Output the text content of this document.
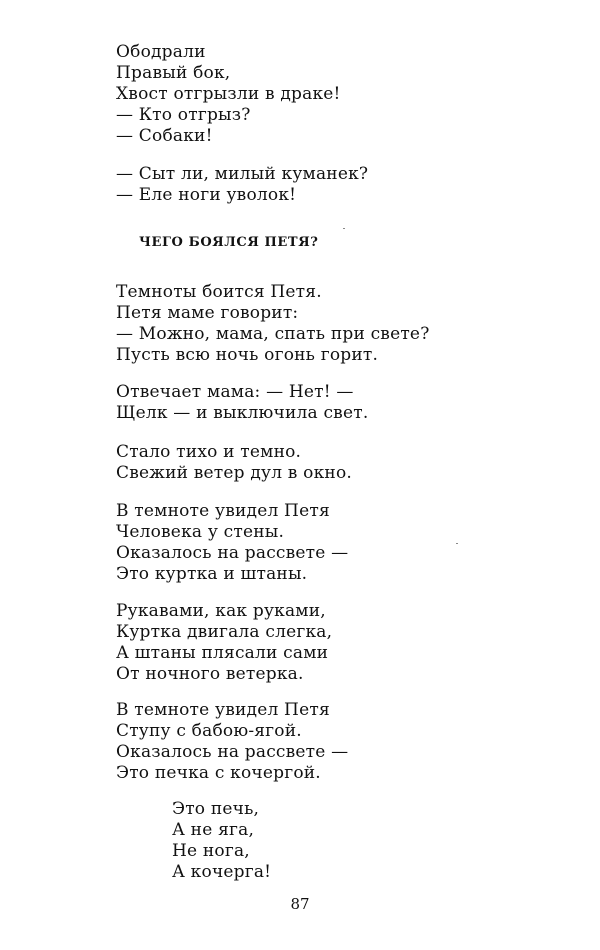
Ободрали
Правый бок,
Хвост отгрызли в драке!
— Кто отгрыз?
— Собаки!
— Сыт ли, милый куманек?
— Еле ноги уволок!
ЧЕГО БОЯЛСЯ ПЕТЯ?
Темноты боится Петя.
Петя маме говорит:
— Можно, мама, спать при свете?
Пусть всю ночь огонь горит.
Отвечает мама: — Нет! —
Щелк — и выключила свет.
Стало тихо и темно.
Свежий ветер дул в окно.
В темноте увидел Петя
Человека у стены.
Оказалось на рассвете —
Это куртка и штаны.
Рукавами, как руками,
Куртка двигала слегка,
А штаны плясали сами
От ночного ветерка.
В темноте увидел Петя
Ступу с бабою-ягой.
Оказалось на рассвете —
Это печка с кочергой.
Это печь,
А не яга,
Не нога,
А кочерга!
87
